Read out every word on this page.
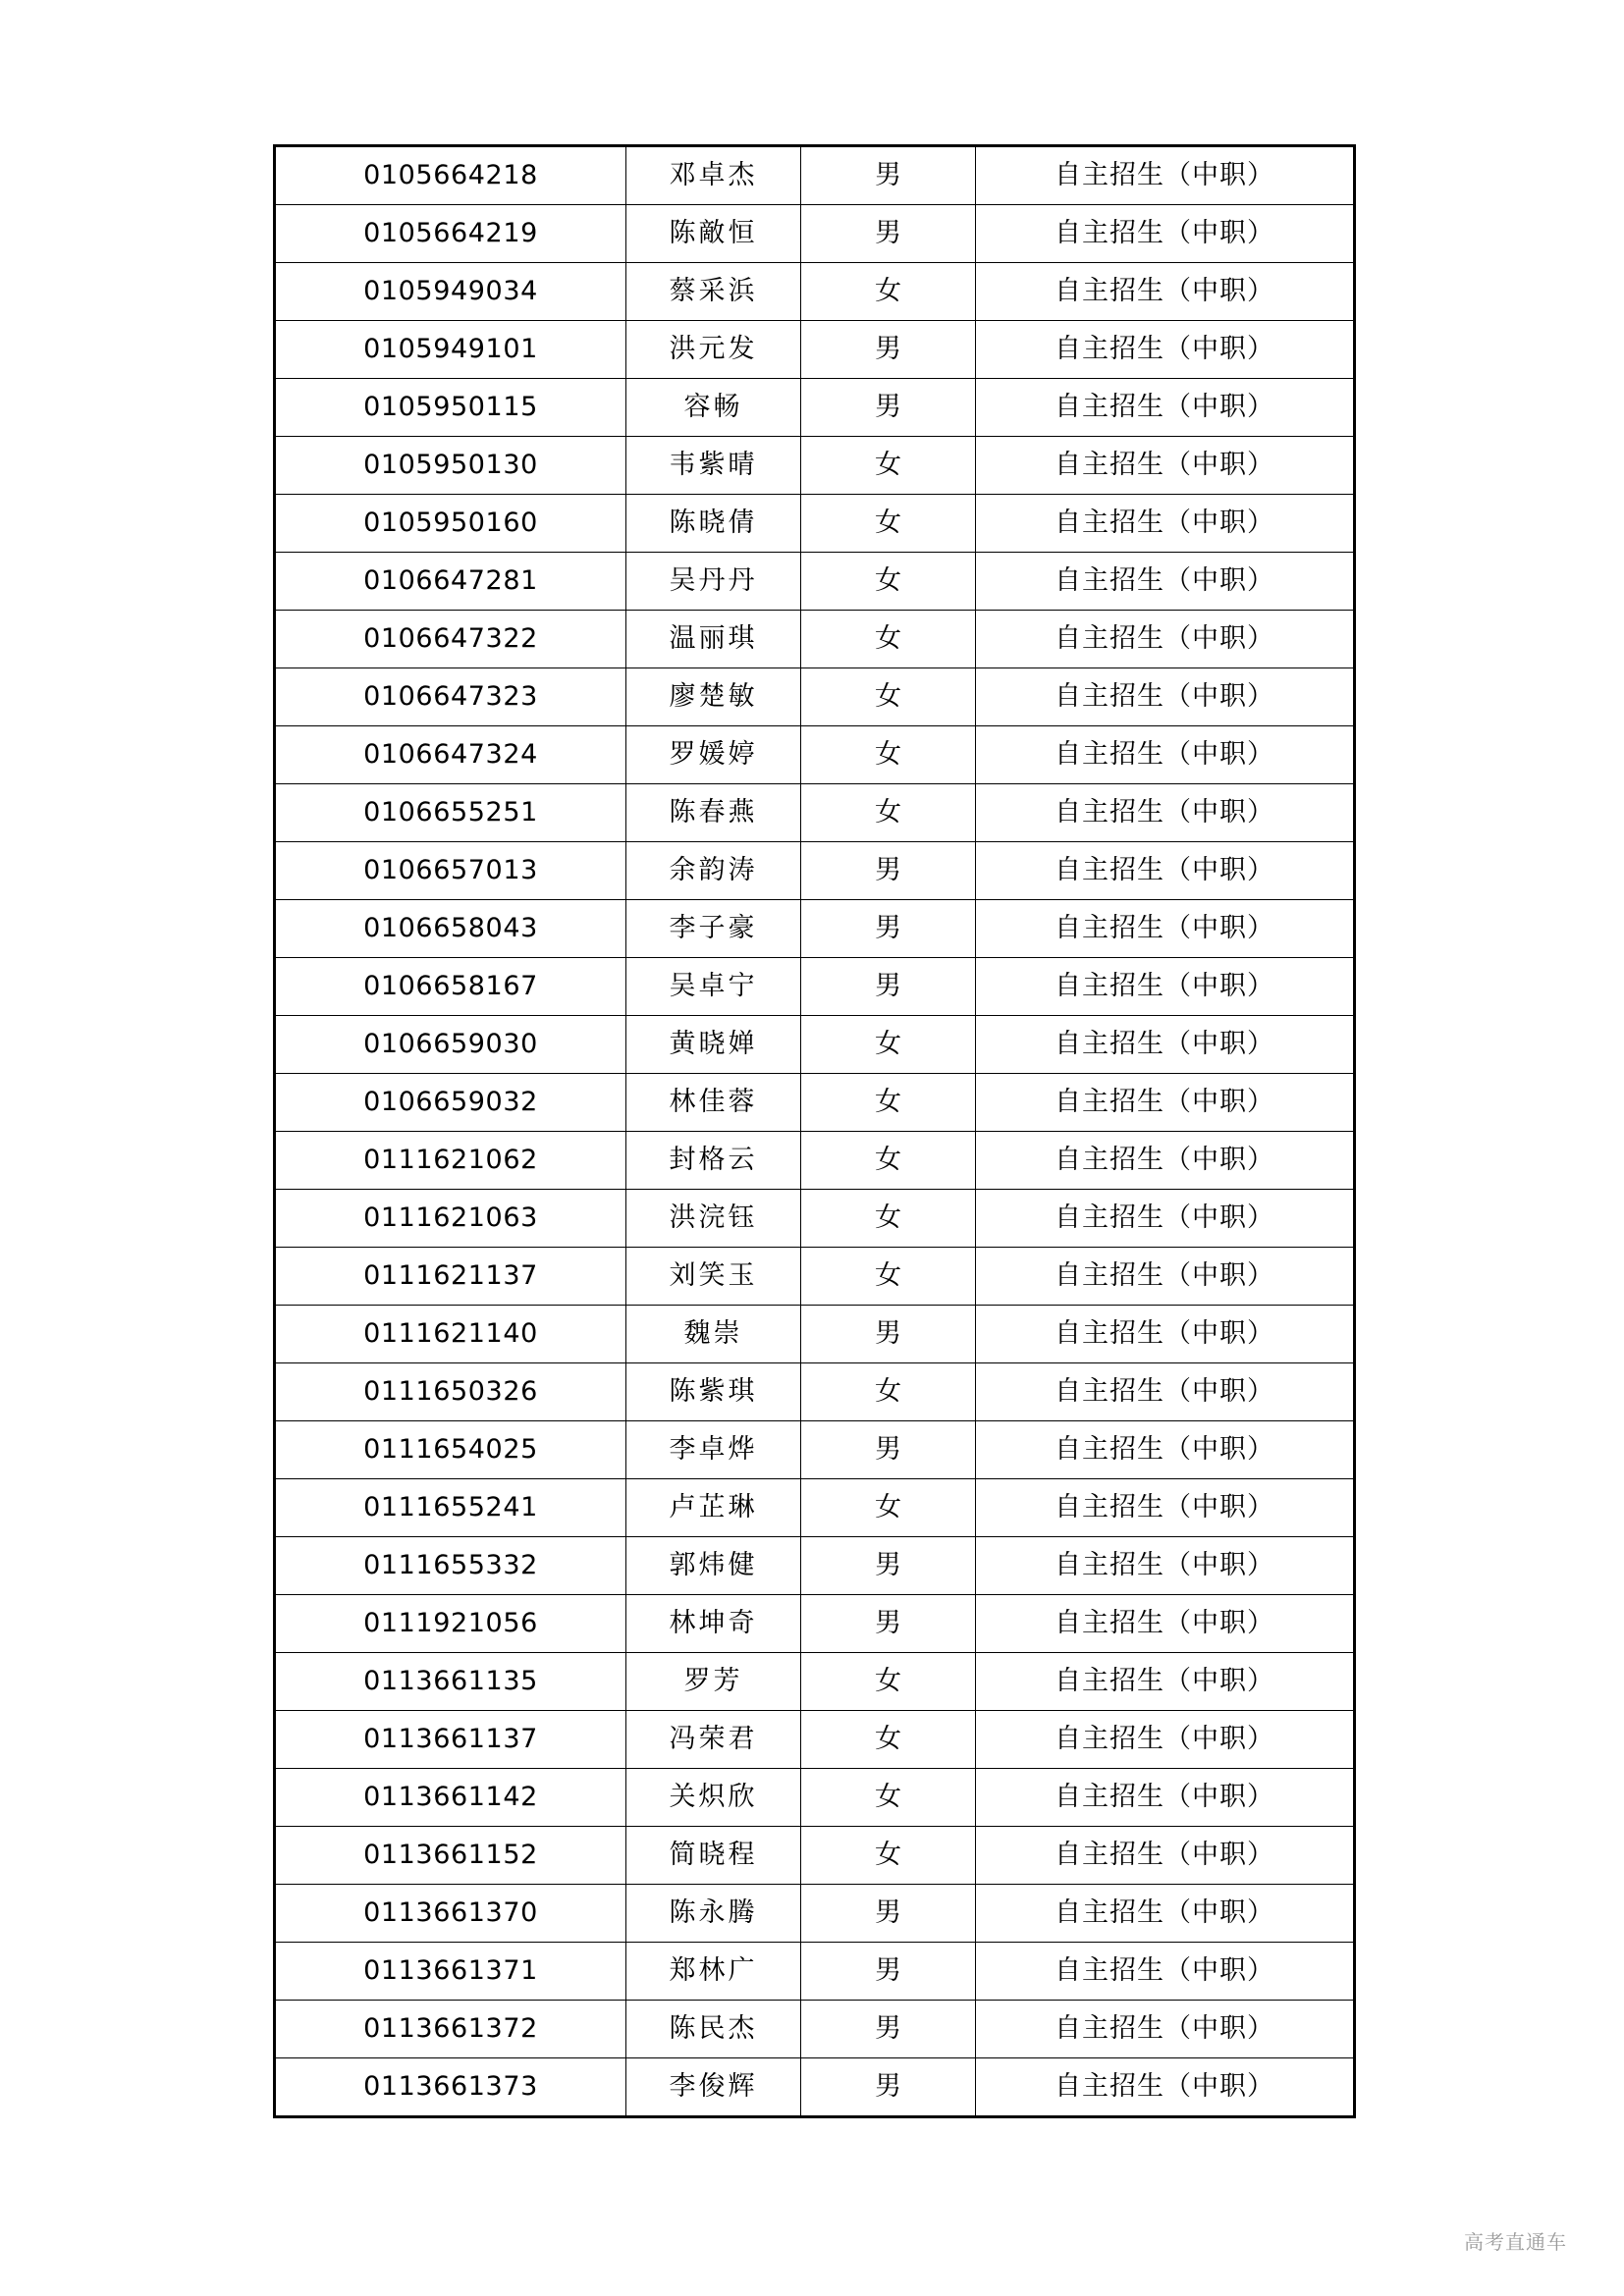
0105664218	邓卓杰	男	自主招生（中职）
0105664219	陈敵恒	男	自主招生（中职）
0105949034	蔡采浜	女	自主招生（中职）
0105949101	洪元发	男	自主招生（中职）
0105950115	容畅	男	自主招生（中职）
0105950130	韦紫晴	女	自主招生（中职）
0105950160	陈晓倩	女	自主招生（中职）
0106647281	吴丹丹	女	自主招生（中职）
0106647322	温丽琪	女	自主招生（中职）
0106647323	廖楚敏	女	自主招生（中职）
0106647324	罗媛婷	女	自主招生（中职）
0106655251	陈春燕	女	自主招生（中职）
0106657013	余韵涛	男	自主招生（中职）
0106658043	李子豪	男	自主招生（中职）
0106658167	吴卓宁	男	自主招生（中职）
0106659030	黄晓婵	女	自主招生（中职）
0106659032	林佳蓉	女	自主招生（中职）
0111621062	封格云	女	自主招生（中职）
0111621063	洪浣钰	女	自主招生（中职）
0111621137	刘笑玉	女	自主招生（中职）
0111621140	魏崇	男	自主招生（中职）
0111650326	陈紫琪	女	自主招生（中职）
0111654025	李卓烨	男	自主招生（中职）
0111655241	卢芷琳	女	自主招生（中职）
0111655332	郭炜健	男	自主招生（中职）
0111921056	林坤奇	男	自主招生（中职）
0113661135	罗芳	女	自主招生（中职）
0113661137	冯荣君	女	自主招生（中职）
0113661142	关炽欣	女	自主招生（中职）
0113661152	简晓程	女	自主招生（中职）
0113661370	陈永腾	男	自主招生（中职）
0113661371	郑林广	男	自主招生（中职）
0113661372	陈民杰	男	自主招生（中职）
0113661373	李俊辉	男	自主招生（中职）
高考直通车
